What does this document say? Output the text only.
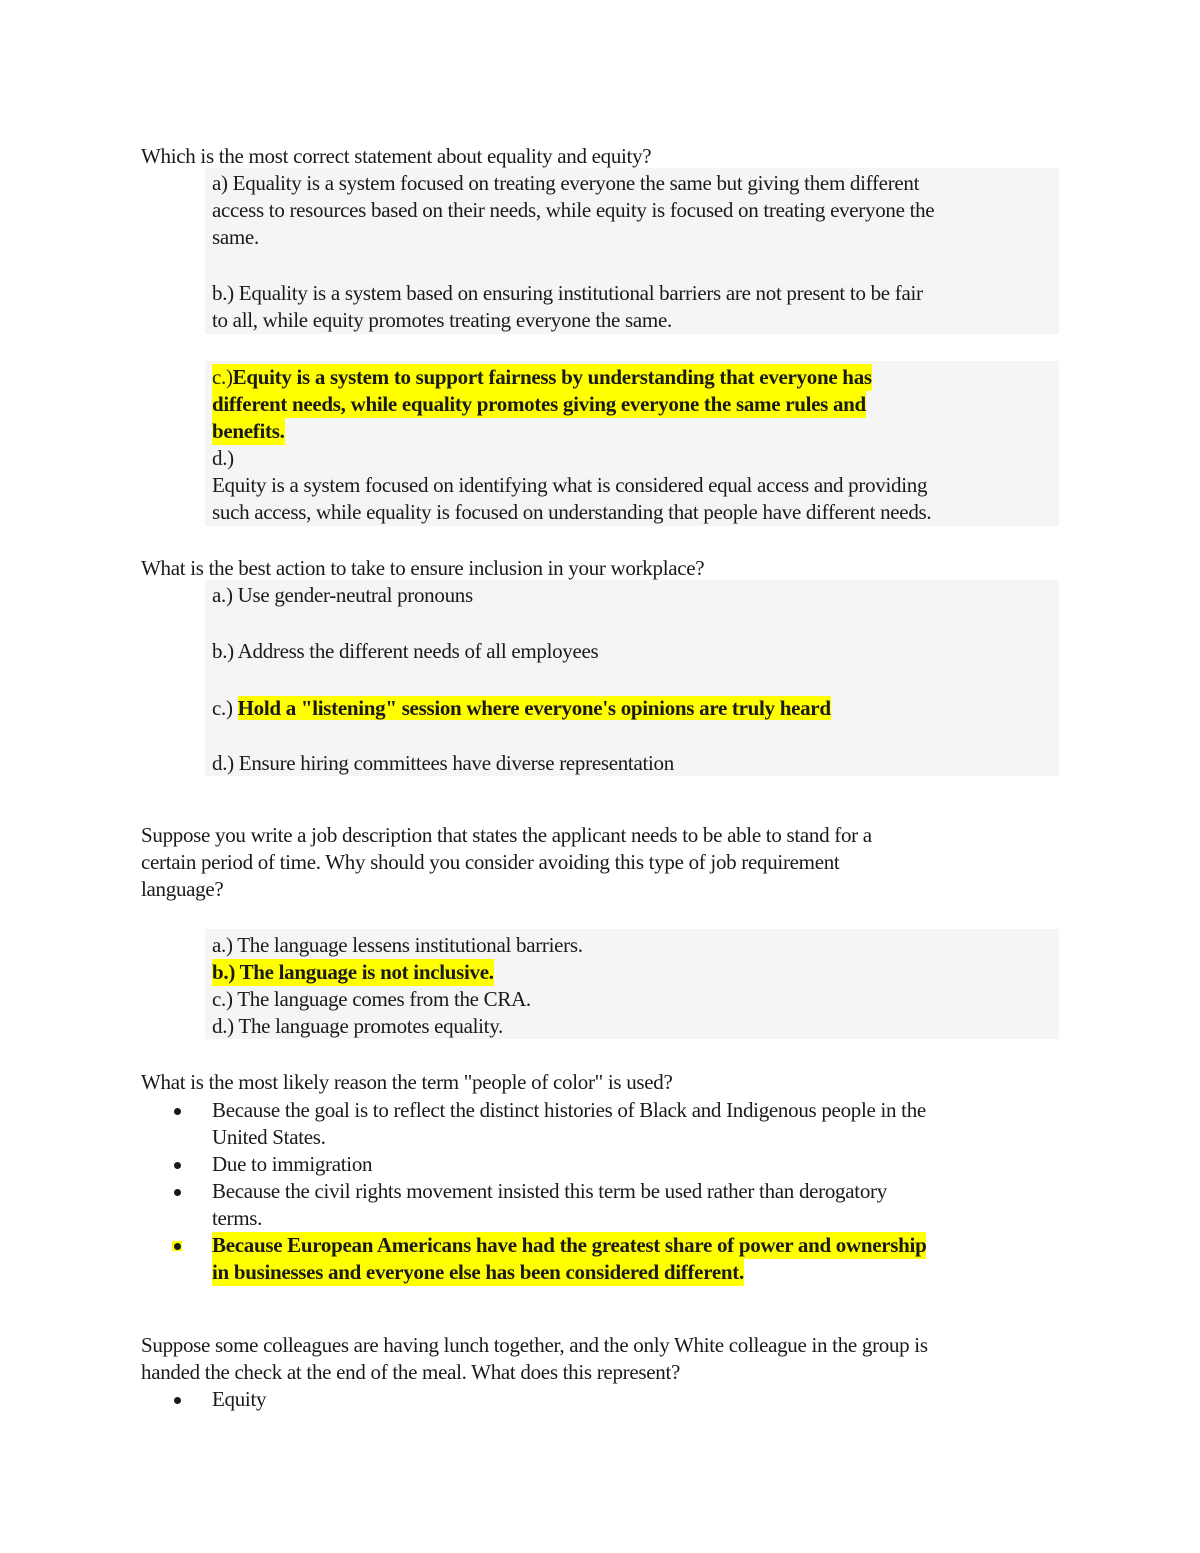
Which is the most correct statement about equality and equity?
a) Equality is a system focused on treating everyone the same but giving them different
access to resources based on their needs, while equity is focused on treating everyone the
same.
b.) Equality is a system based on ensuring institutional barriers are not present to be fair
to all, while equity promotes treating everyone the same.
c.)Equity is a system to support fairness by understanding that everyone has
different needs, while equality promotes giving everyone the same rules and
benefits.
d.)
Equity is a system focused on identifying what is considered equal access and providing
such access, while equality is focused on understanding that people have different needs.
What is the best action to take to ensure inclusion in your workplace?
a.) Use gender-neutral pronouns
b.) Address the different needs of all employees
c.) Hold a "listening" session where everyone's opinions are truly heard
d.) Ensure hiring committees have diverse representation
Suppose you write a job description that states the applicant needs to be able to stand for a
certain period of time. Why should you consider avoiding this type of job requirement
language?
a.) The language lessens institutional barriers.
b.) The language is not inclusive.
c.) The language comes from the CRA.
d.) The language promotes equality.
What is the most likely reason the term "people of color" is used?
Because the goal is to reflect the distinct histories of Black and Indigenous people in the
United States.
Due to immigration
Because the civil rights movement insisted this term be used rather than derogatory
terms.
Because European Americans have had the greatest share of power and ownership
in businesses and everyone else has been considered different.
Suppose some colleagues are having lunch together, and the only White colleague in the group is
handed the check at the end of the meal. What does this represent?
Equity
